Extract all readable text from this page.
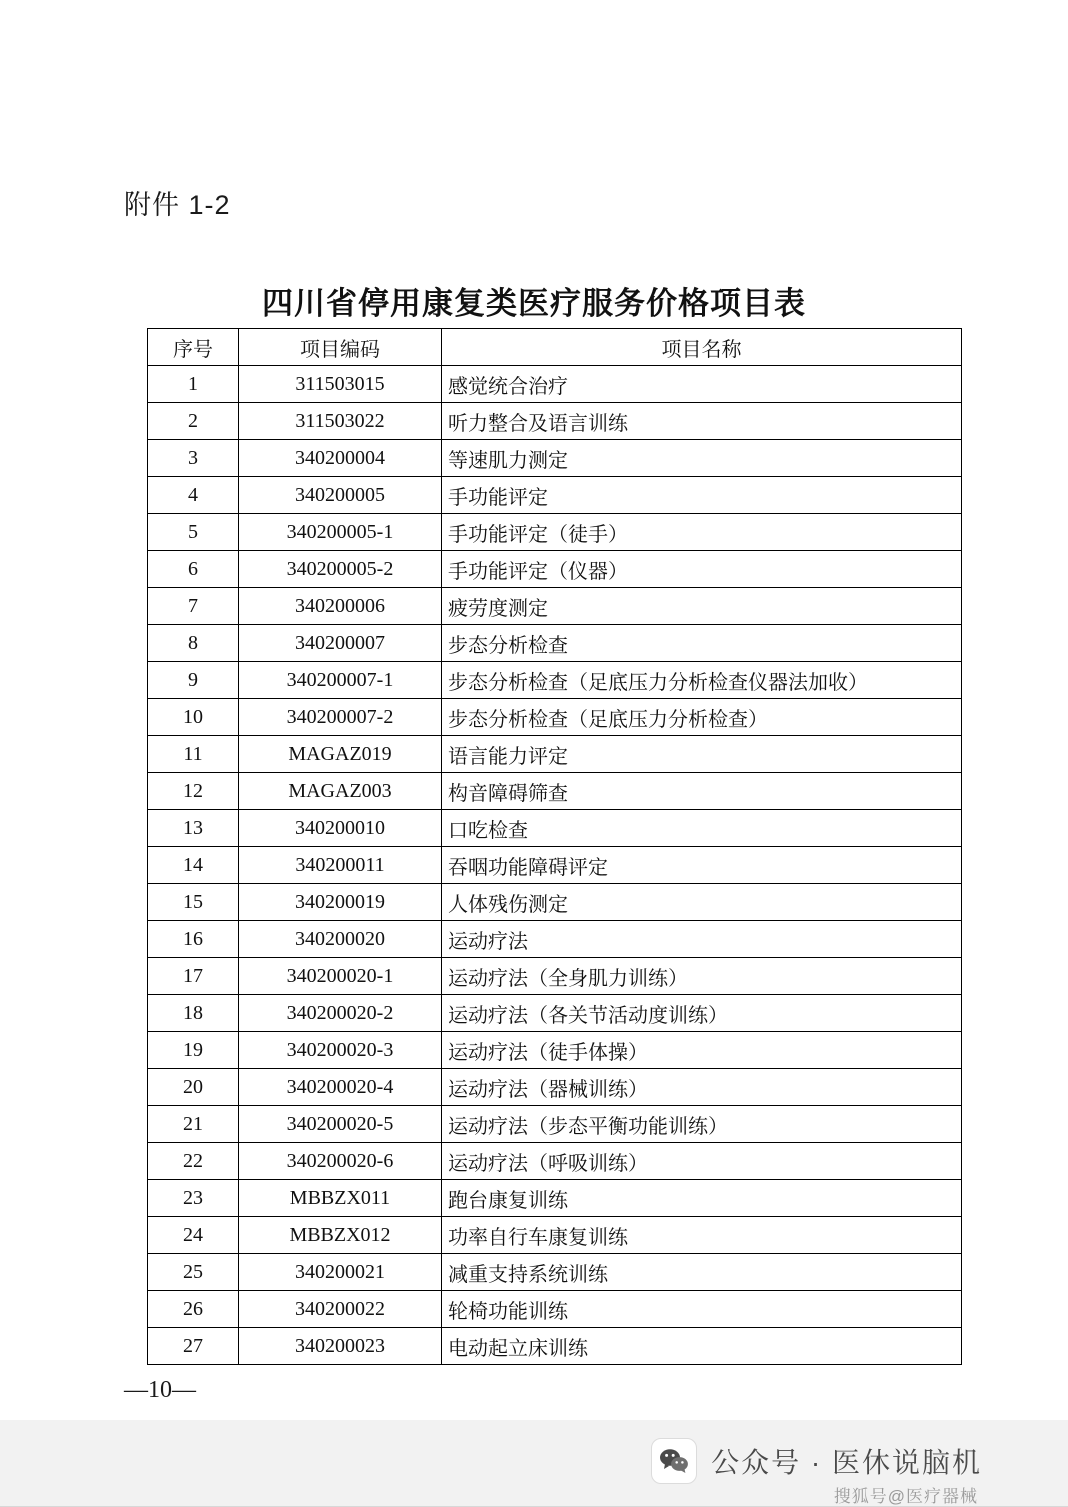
附件 1-2
四川省停用康复类医疗服务价格项目表
序号	项目编码	项目名称
1	311503015	感觉统合治疗
2	311503022	听力整合及语言训练
3	340200004	等速肌力测定
4	340200005	手功能评定
5	340200005-1	手功能评定（徒手）
6	340200005-2	手功能评定（仪器）
7	340200006	疲劳度测定
8	340200007	步态分析检查
9	340200007-1	步态分析检查（足底压力分析检查仪器法加收）
10	340200007-2	步态分析检查（足底压力分析检查）
11	MAGAZ019	语言能力评定
12	MAGAZ003	构音障碍筛查
13	340200010	口吃检查
14	340200011	吞咽功能障碍评定
15	340200019	人体残伤测定
16	340200020	运动疗法
17	340200020-1	运动疗法（全身肌力训练）
18	340200020-2	运动疗法（各关节活动度训练）
19	340200020-3	运动疗法（徒手体操）
20	340200020-4	运动疗法（器械训练）
21	340200020-5	运动疗法（步态平衡功能训练）
22	340200020-6	运动疗法（呼吸训练）
23	MBBZX011	跑台康复训练
24	MBBZX012	功率自行车康复训练
25	340200021	减重支持系统训练
26	340200022	轮椅功能训练
27	340200023	电动起立床训练
—10—
公众号 · 医休说脑机
搜狐号@医疗器械
